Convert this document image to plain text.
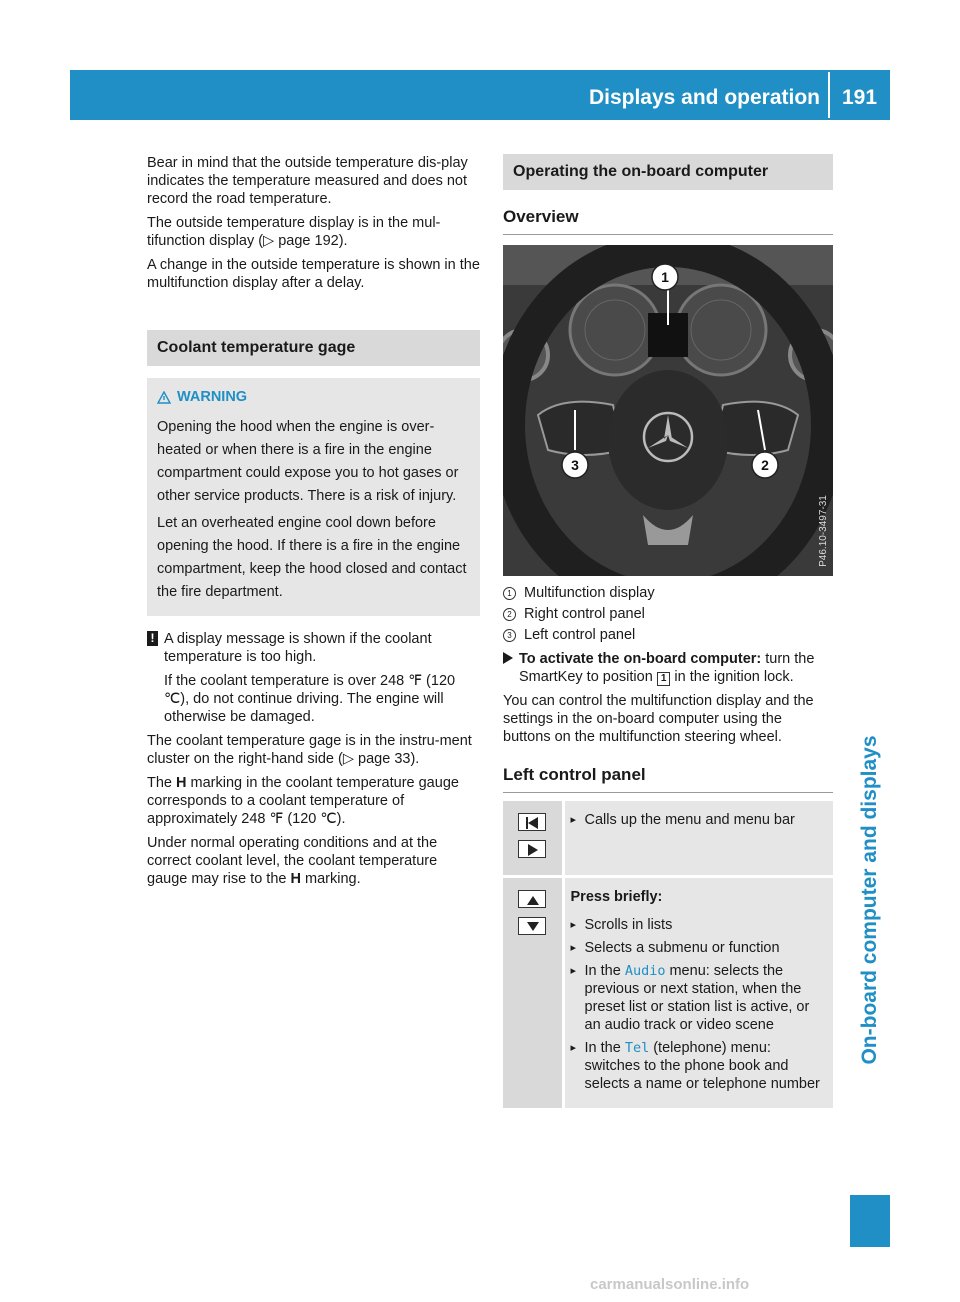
Displays and operation 191
On-board computer and displays

Bear in mind that the outside temperature dis-play indicates the temperature measured and does not record the road temperature.

The outside temperature display is in the mul-tifunction display (▷ page 192).

A change in the outside temperature is shown in the multifunction display after a delay.

Coolant temperature gage
WARNING

Opening the hood when the engine is over-heated or when there is a fire in the engine compartment could expose you to hot gases or other service products. There is a risk of injury.

Let an overheated engine cool down before opening the hood. If there is a fire in the engine compartment, keep the hood closed and contact the fire department.

! A display message is shown if the coolant temperature is too high.

If the coolant temperature is over 248 ℉ (120 ℃), do not continue driving. The engine will otherwise be damaged.

The coolant temperature gage is in the instru-ment cluster on the right-hand side (▷ page 33).

The H marking in the coolant temperature gauge corresponds to a coolant temperature of approximately 248 ℉ (120 ℃).

Under normal operating conditions and at the correct coolant level, the coolant temperature gauge may rise to the H marking.

Operating the on-board computer
Overview
1
2
3
P46.10-3497-31
1 Multifunction display
2 Right control panel
3 Left control panel
To activate the on-board computer: turn the SmartKey to position 1 in the ignition lock.

You can control the multifunction display and the settings in the on-board computer using the buttons on the multifunction steering wheel.

Left control panel

▸ Calls up the menu and menu bar

Press briefly:
▸ Scrolls in lists
▸ Selects a submenu or function
▸ In the Audio menu: selects the previous or next station, when the preset list or station list is active, or an audio track or video scene
▸ In the Tel (telephone) menu: switches to the phone book and selects a name or telephone number
carmanualsonline.info
